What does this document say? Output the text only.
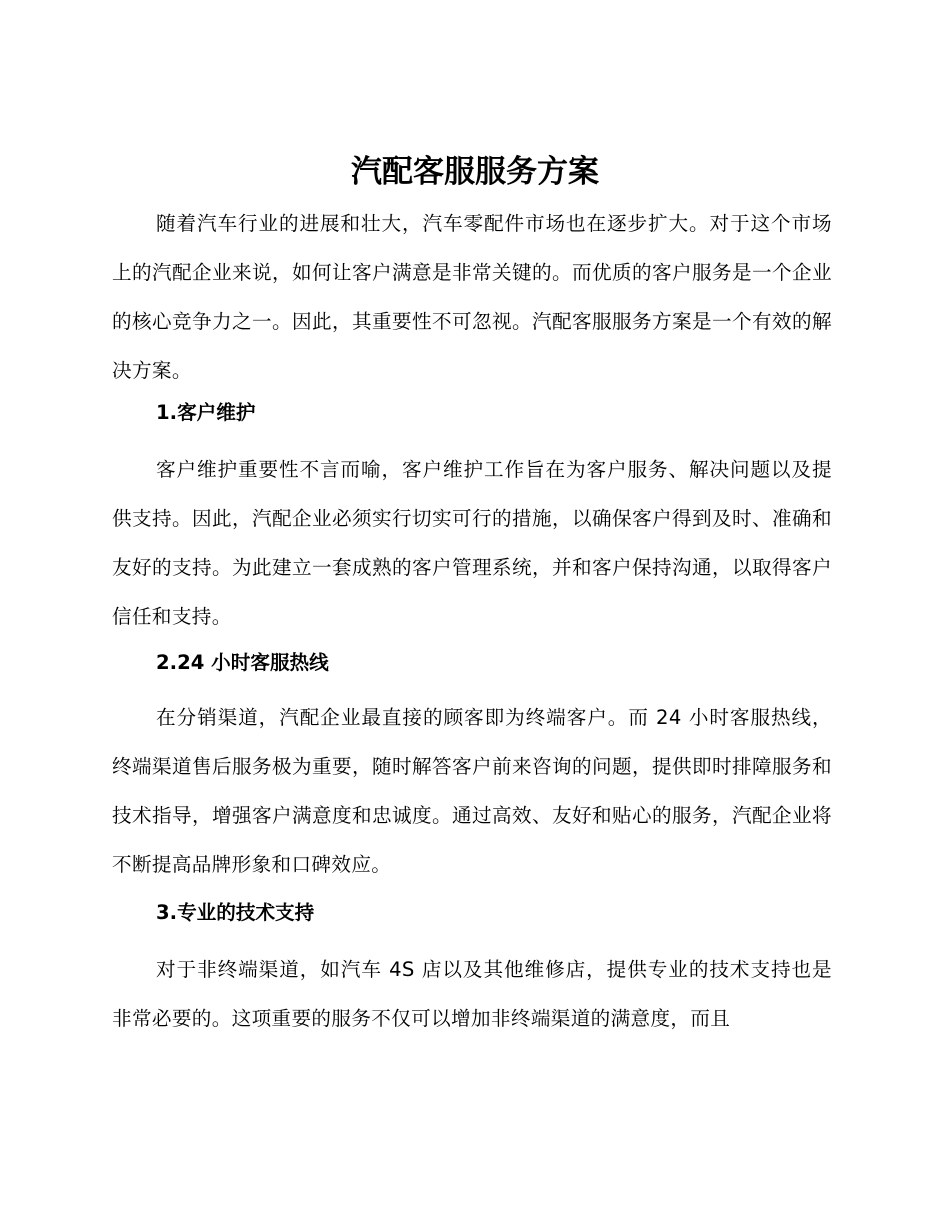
汽配客服服务方案

随着汽车行业的进展和壮大，汽车零配件市场也在逐步扩大。对于这个市场上的汽配企业来说，如何让客户满意是非常关键的。而优质的客户服务是一个企业的核心竞争力之一。因此，其重要性不可忽视。汽配客服服务方案是一个有效的解决方案。

1.客户维护

客户维护重要性不言而喻，客户维护工作旨在为客户服务、解决问题以及提供支持。因此，汽配企业必须实行切实可行的措施，以确保客户得到及时、准确和友好的支持。为此建立一套成熟的客户管理系统，并和客户保持沟通，以取得客户信任和支持。

2.24 小时客服热线

在分销渠道，汽配企业最直接的顾客即为终端客户。而 24 小时客服热线，终端渠道售后服务极为重要，随时解答客户前来咨询的问题，提供即时排障服务和技术指导，增强客户满意度和忠诚度。通过高效、友好和贴心的服务，汽配企业将不断提高品牌形象和口碑效应。

3.专业的技术支持

对于非终端渠道，如汽车 4S 店以及其他维修店，提供专业的技术支持也是非常必要的。这项重要的服务不仅可以增加非终端渠道的满意度，而且
